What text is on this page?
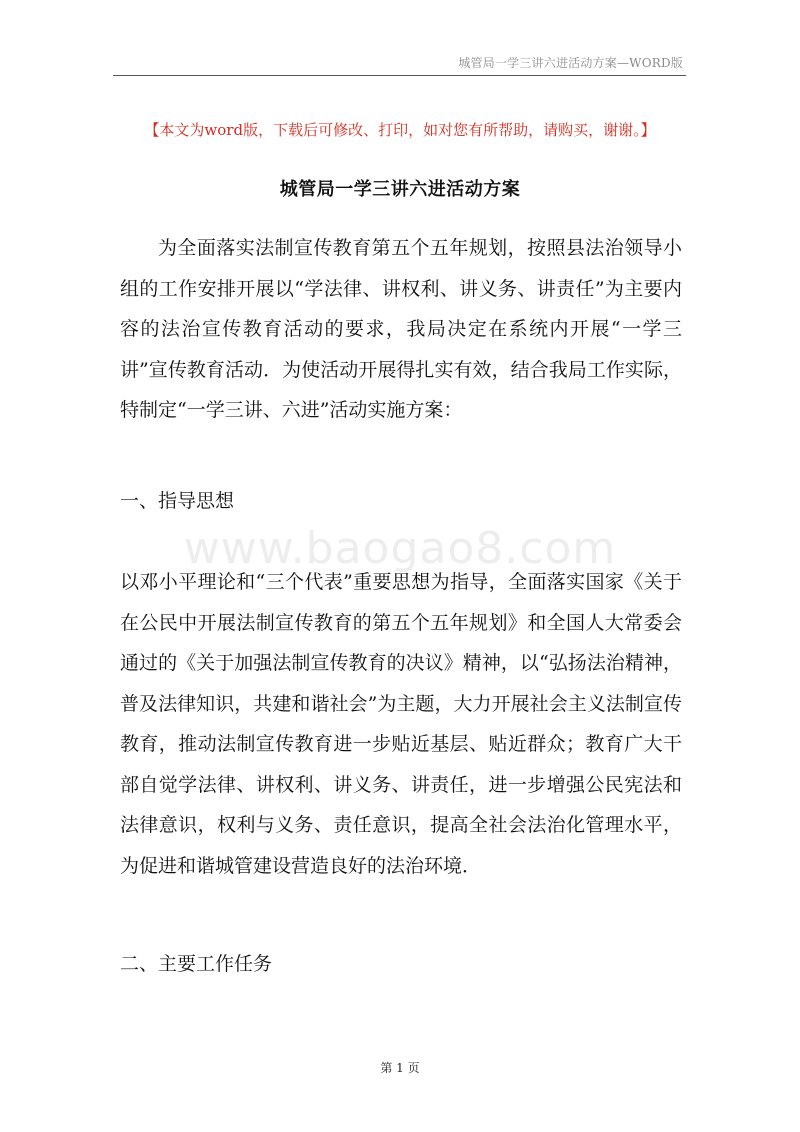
城管局一学三讲六进活动方案—WORD版
【本文为word版，下载后可修改、打印，如对您有所帮助，请购买，谢谢。】
城管局一学三讲六进活动方案
为全面落实法制宣传教育第五个五年规划，按照县法治领导小组的工作安排开展以“学法律、讲权利、讲义务、讲责任”为主要内容的法治宣传教育活动的要求，我局决定在系统内开展“一学三讲”宣传教育活动．为使活动开展得扎实有效，结合我局工作实际，特制定“一学三讲、六进”活动实施方案：
一、指导思想
www.baogao8.com
以邓小平理论和“三个代表”重要思想为指导，全面落实国家《关于在公民中开展法制宣传教育的第五个五年规划》和全国人大常委会通过的《关于加强法制宣传教育的决议》精神，以“弘扬法治精神，普及法律知识，共建和谐社会”为主题，大力开展社会主义法制宣传教育，推动法制宣传教育进一步贴近基层、贴近群众；教育广大干部自觉学法律、讲权利、讲义务、讲责任，进一步增强公民宪法和法律意识，权利与义务、责任意识，提高全社会法治化管理水平，为促进和谐城管建设营造良好的法治环境．
二、主要工作任务
第 1 页
